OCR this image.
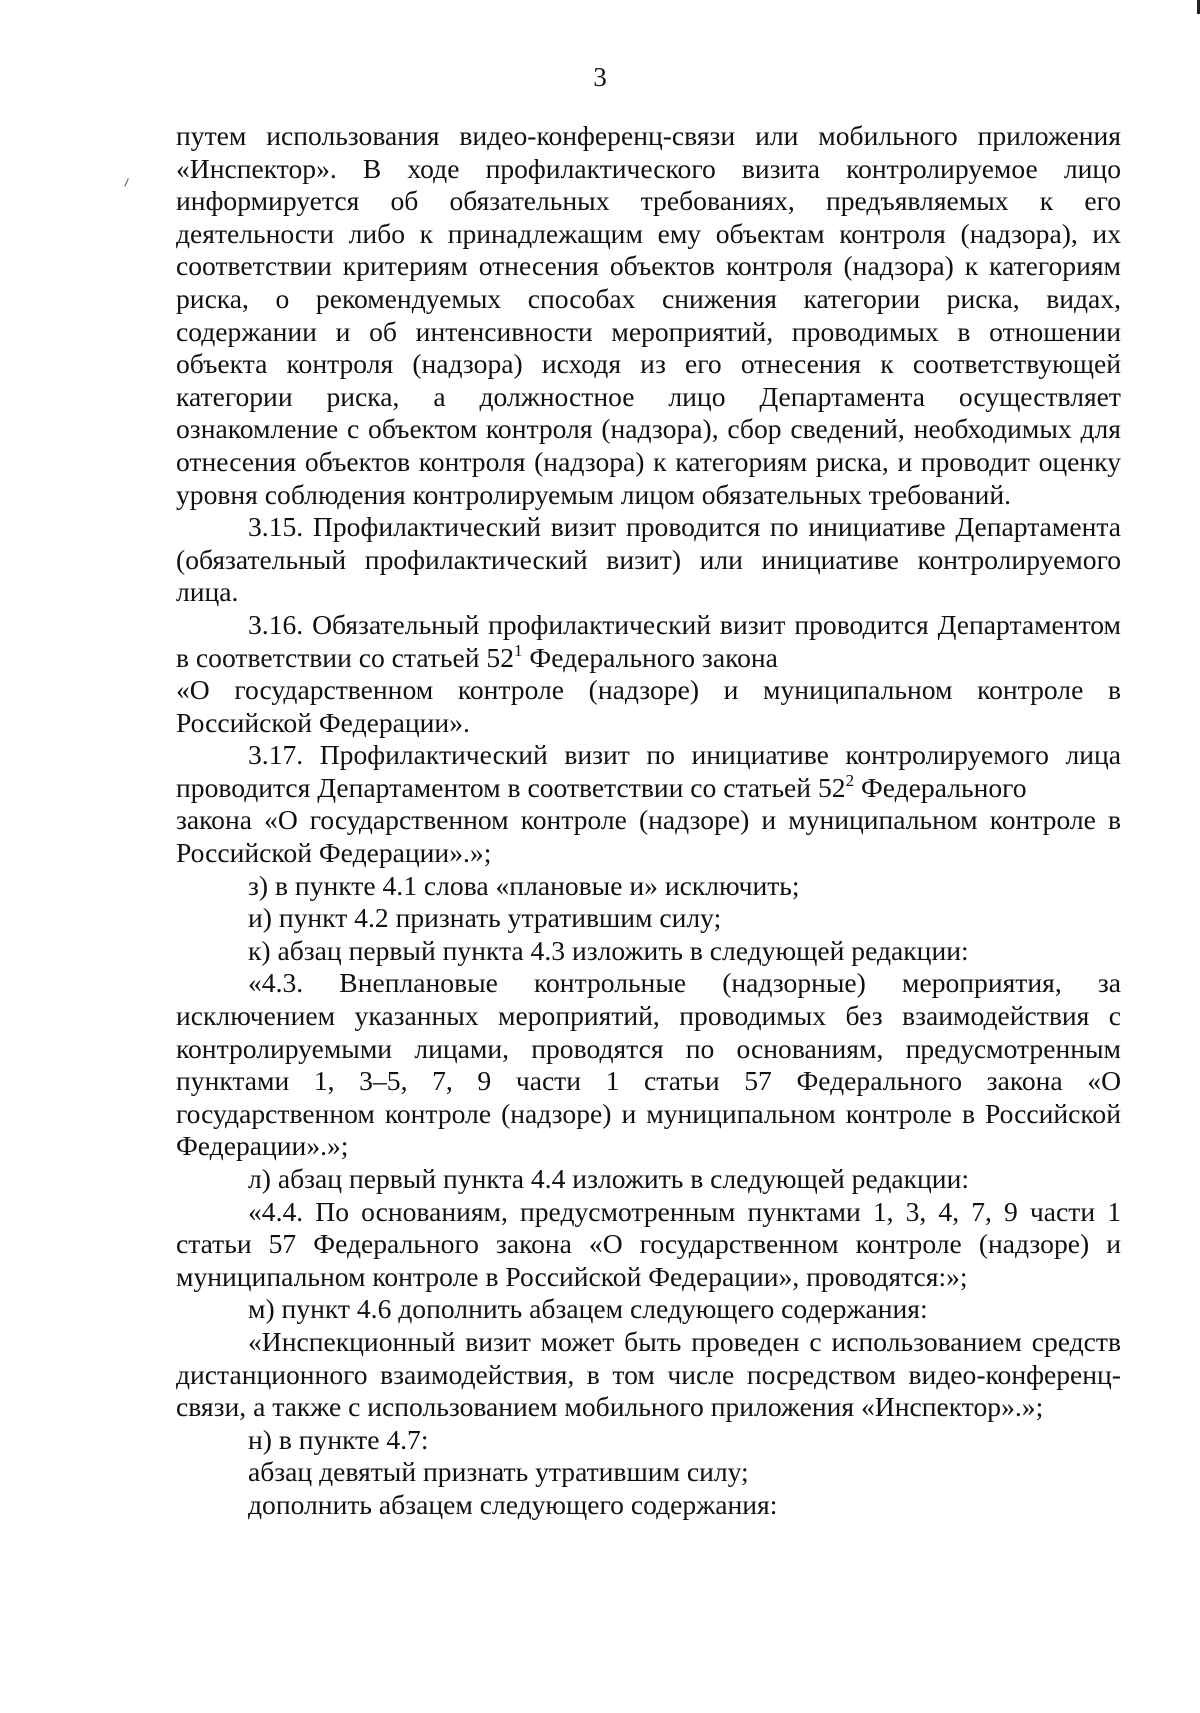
3

путем использования видео-конференц-связи или мобильного приложения «Инспектор». В ходе профилактического визита контролируемое лицо информируется об обязательных требованиях, предъявляемых к его деятельности либо к принадлежащим ему объектам контроля (надзора), их соответствии критериям отнесения объектов контроля (надзора) к категориям риска, о рекомендуемых способах снижения категории риска, видах, содержании и об интенсивности мероприятий, проводимых в отношении объекта контроля (надзора) исходя из его отнесения к соответствующей категории риска, а должностное лицо Департамента осуществляет ознакомление с объектом контроля (надзора), сбор сведений, необходимых для отнесения объектов контроля (надзора) к категориям риска, и проводит оценку уровня соблюдения контролируемым лицом обязательных требований.

3.15. Профилактический визит проводится по инициативе Департамента (обязательный профилактический визит) или инициативе контролируемого лица.

3.16. Обязательный профилактический визит проводится Департаментом в соответствии со статьей $52^1$ Федерального закона

«О государственном контроле (надзоре) и муниципальном контроле в Российской Федерации».

3.17. Профилактический визит по инициативе контролируемого лица проводится Департаментом в соответствии со статьей $52^2$ Федерального

закона «О государственном контроле (надзоре) и муниципальном контроле в Российской Федерации».»;

з) в пункте 4.1 слова «плановые и» исключить;

и) пункт 4.2 признать утратившим силу;

к) абзац первый пункта 4.3 изложить в следующей редакции:

«4.3. Внеплановые контрольные (надзорные) мероприятия, за исключением указанных мероприятий, проводимых без взаимодействия с контролируемыми лицами, проводятся по основаниям, предусмотренным пунктами 1, 3–5, 7, 9 части 1 статьи 57 Федерального закона «О государственном контроле (надзоре) и муниципальном контроле в Российской Федерации».»;

л) абзац первый пункта 4.4 изложить в следующей редакции:

«4.4. По основаниям, предусмотренным пунктами 1, 3, 4, 7, 9 части 1 статьи 57 Федерального закона «О государственном контроле (надзоре) и муниципальном контроле в Российской Федерации», проводятся:»;

м) пункт 4.6 дополнить абзацем следующего содержания:

«Инспекционный визит может быть проведен с использованием средств дистанционного взаимодействия, в том числе посредством видео-конференц-связи, а также с использованием мобильного приложения «Инспектор».»;

н) в пункте 4.7:

абзац девятый признать утратившим силу;

дополнить абзацем следующего содержания:
